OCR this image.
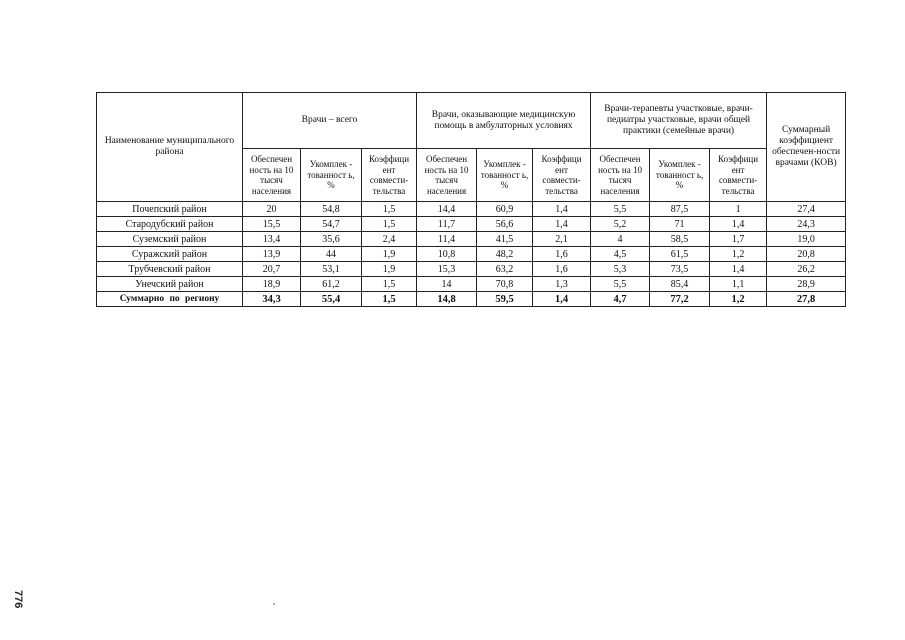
Наименование муниципального района	Врачи – всего			Врачи, оказывающие медицинскую помощь в амбулаторных условиях			Врачи-терапевты участковые, врачи-педиатры участковые, врачи общей практики (семейные врачи)			Суммарный коэффициент обеспечен-ности врачами (КОВ)
	Обеспечен ность на 10 тысяч населения	Укомплек - тованност ь, %	Коэффици ент совмести- тельства	Обеспечен ность на 10 тысяч населения	Укомплек - тованност ь, %	Коэффици ент совмести- тельства	Обеспечен ность на 10 тысяч населения	Укомплек - тованност ь, %	Коэффици ент совмести- тельства	
Почепский район	20	54,8	1,5	14,4	60,9	1,4	5,5	87,5	1	27,4
Стародубский район	15,5	54,7	1,5	11,7	56,6	1,4	5,2	71	1,4	24,3
Суземский район	13,4	35,6	2,4	11,4	41,5	2,1	4	58,5	1,7	19,0
Суражский район	13,9	44	1,9	10,8	48,2	1,6	4,5	61,5	1,2	20,8
Трубчевский район	20,7	53,1	1,9	15,3	63,2	1,6	5,3	73,5	1,4	26,2
Унечский район	18,9	61,2	1,5	14	70,8	1,3	5,5	85,4	1,1	28,9
Суммарно по региону	34,3	55,4	1,5	14,8	59,5	1,4	4,7	77,2	1,2	27,8
776
